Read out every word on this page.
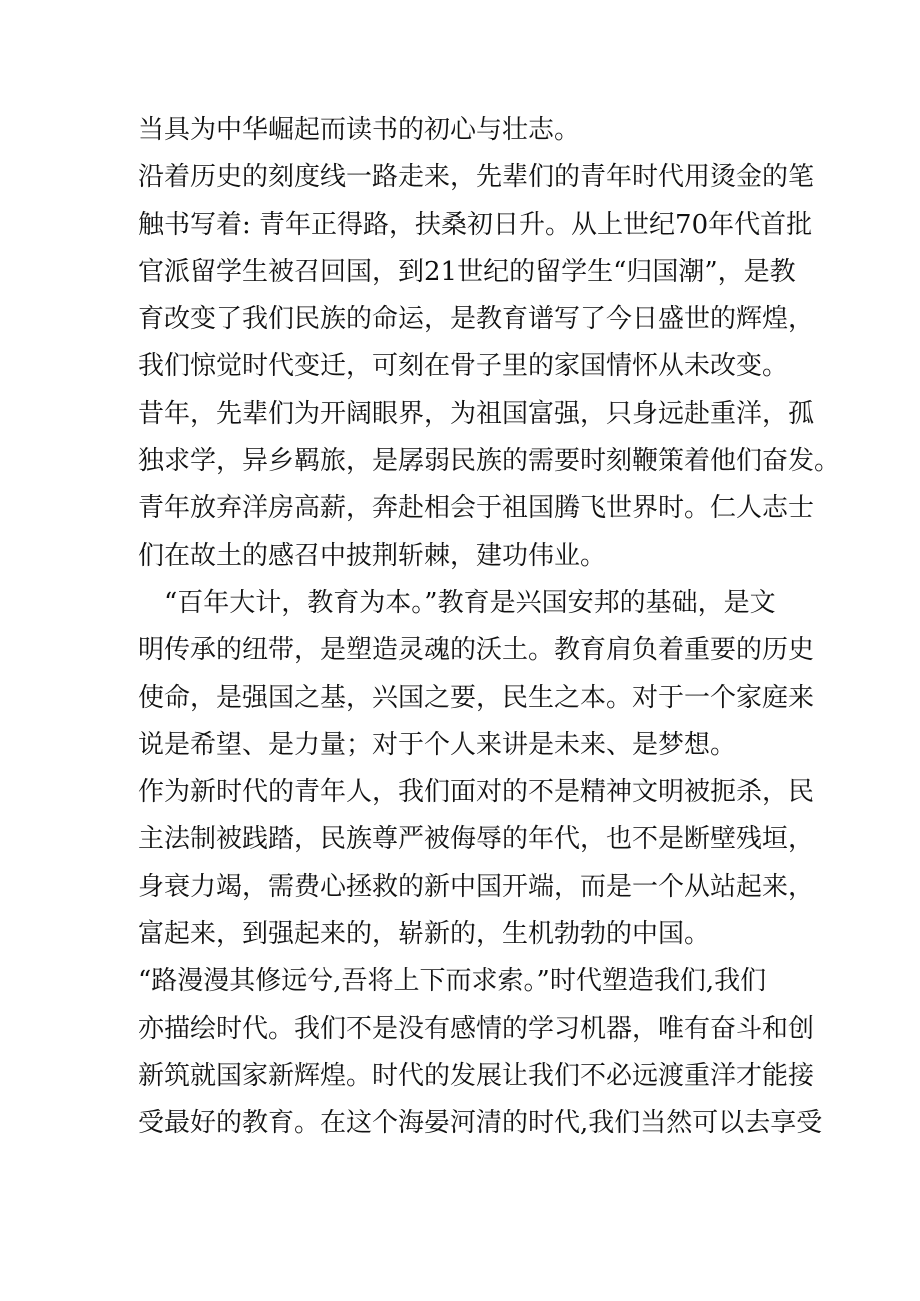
当具为中华崛起而读书的初心与壮志。
沿着历史的刻度线一路走来，先辈们的青年时代用烫金的笔
触书写着: 青年正得路，扶桑初日升。从上世纪70年代首批
官派留学生被召回国，到21世纪的留学生“归国潮”，是教
育改变了我们民族的命运，是教育谱写了今日盛世的辉煌，
我们惊觉时代变迁，可刻在骨子里的家国情怀从未改变。
昔年，先辈们为开阔眼界，为祖国富强，只身远赴重洋，孤
独求学，异乡羁旅，是孱弱民族的需要时刻鞭策着他们奋发。
青年放弃洋房高薪，奔赴相会于祖国腾飞世界时。仁人志士
们在故土的感召中披荆斩棘，建功伟业。
　“百年大计，教育为本。”教育是兴国安邦的基础，是文
明传承的纽带，是塑造灵魂的沃土。教育肩负着重要的历史
使命，是强国之基，兴国之要，民生之本。对于一个家庭来
说是希望、是力量；对于个人来讲是未来、是梦想。
作为新时代的青年人，我们面对的不是精神文明被扼杀，民
主法制被践踏，民族尊严被侮辱的年代，也不是断壁残垣，
身衰力竭，需费心拯救的新中国开端，而是一个从站起来，
富起来，到强起来的，崭新的，生机勃勃的中国。
“路漫漫其修远兮,吾将上下而求索。”时代塑造我们,我们
亦描绘时代。我们不是没有感情的学习机器，唯有奋斗和创
新筑就国家新辉煌。时代的发展让我们不必远渡重洋才能接
受最好的教育。在这个海晏河清的时代,我们当然可以去享受
